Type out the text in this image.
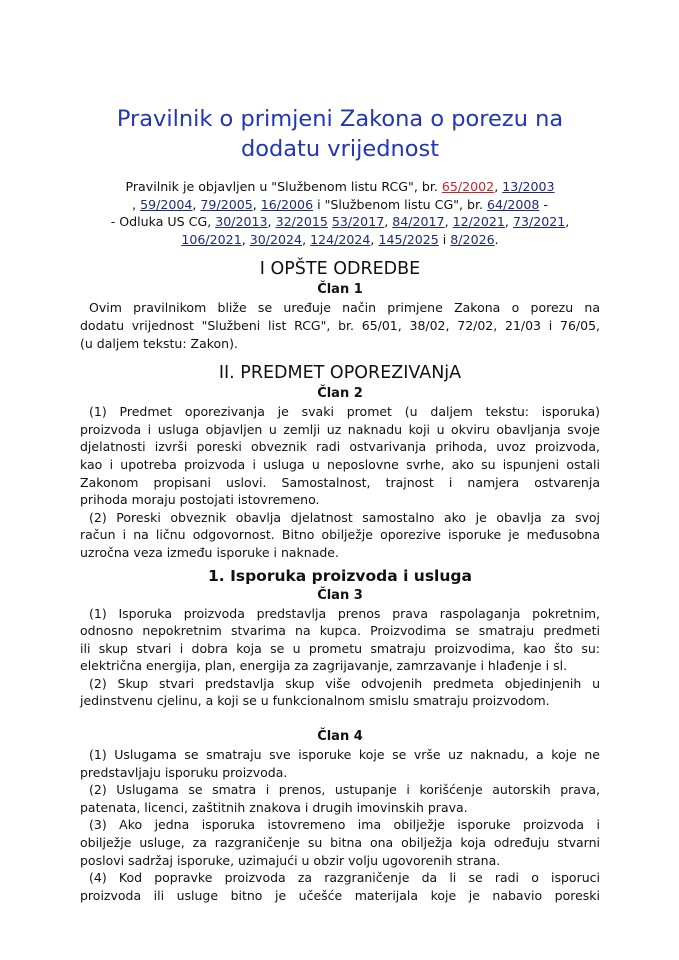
Pravilnik o primjeni Zakona o porezu na
dodatu vrijednost
Pravilnik je objavljen u "Službenom listu RCG", br. 65/2002, 13/2003
, 59/2004, 79/2005, 16/2006 i "Službenom listu CG", br. 64/2008 -
- Odluka US CG, 30/2013, 32/2015 53/2017, 84/2017, 12/2021, 73/2021,
106/2021, 30/2024, 124/2024, 145/2025 i 8/2026.
I OPŠTE ODREDBE
Član 1
Ovim pravilnikom bliže se uređuje način primjene Zakona o porezu na
dodatu vrijednost "Službeni list RCG", br. 65/01, 38/02, 72/02, 21/03 i 76/05,
(u daljem tekstu: Zakon).
II. PREDMET OPOREZIVANjA
Član 2
(1) Predmet oporezivanja je svaki promet (u daljem tekstu: isporuka)
proizvoda i usluga objavljen u zemlji uz naknadu koji u okviru obavljanja svoje
djelatnosti izvrši poreski obveznik radi ostvarivanja prihoda, uvoz proizvoda,
kao i upotreba proizvoda i usluga u neposlovne svrhe, ako su ispunjeni ostali
Zakonom propisani uslovi. Samostalnost, trajnost i namjera ostvarenja
prihoda moraju postojati istovremeno.
(2) Poreski obveznik obavlja djelatnost samostalno ako je obavlja za svoj
račun i na ličnu odgovornost. Bitno obilježje oporezive isporuke je međusobna
uzročna veza između isporuke i naknade.
1. Isporuka proizvoda i usluga
Član 3
(1) Isporuka proizvoda predstavlja prenos prava raspolaganja pokretnim,
odnosno nepokretnim stvarima na kupca. Proizvodima se smatraju predmeti
ili skup stvari i dobra koja se u prometu smatraju proizvodima, kao što su:
električna energija, plan, energija za zagrijavanje, zamrzavanje i hlađenje i sl.
(2) Skup stvari predstavlja skup više odvojenih predmeta objedinjenih u
jedinstvenu cjelinu, a koji se u funkcionalnom smislu smatraju proizvodom.
Član 4
(1) Uslugama se smatraju sve isporuke koje se vrše uz naknadu, a koje ne
predstavljaju isporuku proizvoda.
(2) Uslugama se smatra i prenos, ustupanje i korišćenje autorskih prava,
patenata, licenci, zaštitnih znakova i drugih imovinskih prava.
(3) Ako jedna isporuka istovremeno ima obilježje isporuke proizvoda i
obilježje usluge, za razgraničenje su bitna ona obilježja koja određuju stvarni
poslovi sadržaj isporuke, uzimajući u obzir volju ugovorenih strana.
(4) Kod popravke proizvoda za razgraničenje da li se radi o isporuci
proizvoda ili usluge bitno je učešće materijala koje je nabavio poreski
